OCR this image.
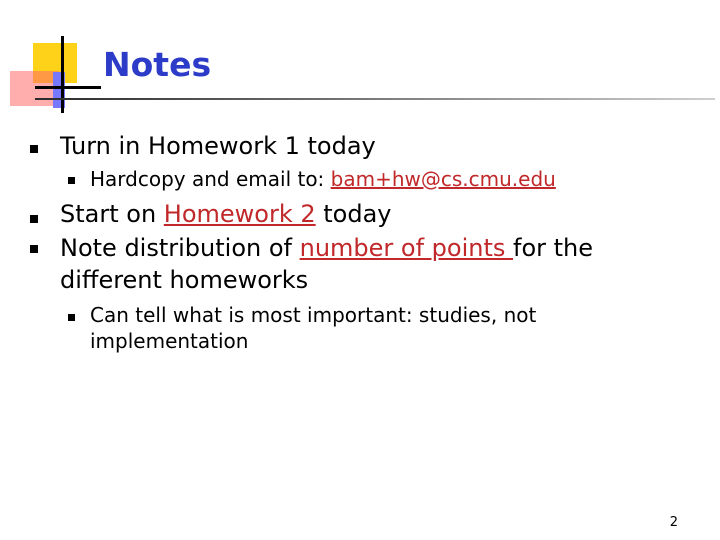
Notes
Turn in Homework 1 today
Hardcopy and email to: bam+hw@cs.cmu.edu
Start on Homework 2 today
Note distribution of number of points for the
different homeworks
Can tell what is most important: studies, not
implementation
2
